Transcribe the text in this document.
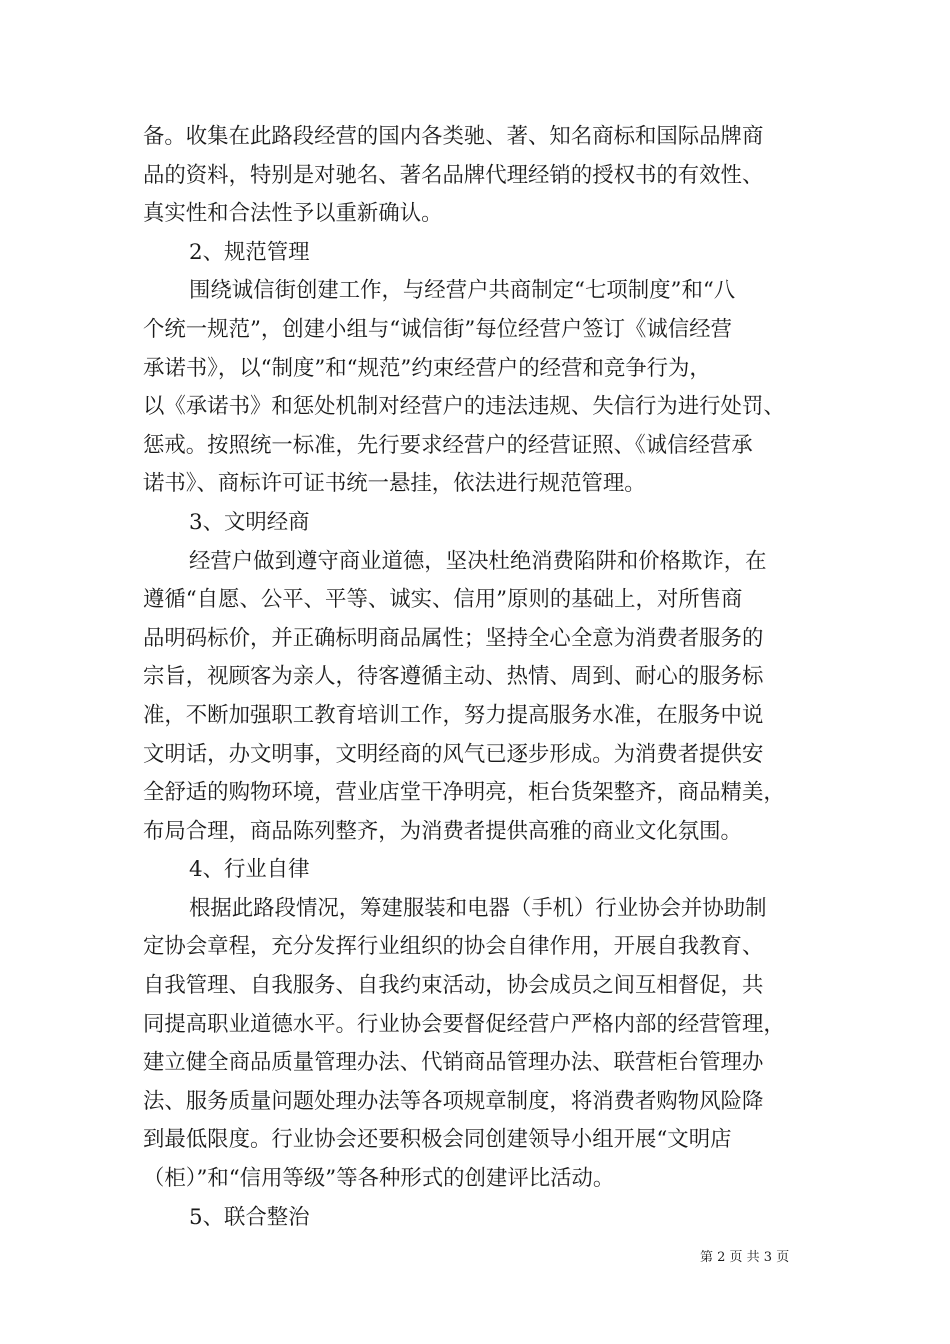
备。收集在此路段经营的国内各类驰、著、知名商标和国际品牌商
品的资料，特别是对驰名、著名品牌代理经销的授权书的有效性、
真实性和合法性予以重新确认。
2、规范管理
围绕诚信街创建工作，与经营户共商制定“七项制度”和“八
个统一规范”，创建小组与“诚信街”每位经营户签订《诚信经营
承诺书》，以“制度”和“规范”约束经营户的经营和竞争行为，
以《承诺书》和惩处机制对经营户的违法违规、失信行为进行处罚、
惩戒。按照统一标准，先行要求经营户的经营证照、《诚信经营承
诺书》、商标许可证书统一悬挂，依法进行规范管理。
3、文明经商
经营户做到遵守商业道德，坚决杜绝消费陷阱和价格欺诈，在
遵循“自愿、公平、平等、诚实、信用”原则的基础上，对所售商
品明码标价，并正确标明商品属性；坚持全心全意为消费者服务的
宗旨，视顾客为亲人，待客遵循主动、热情、周到、耐心的服务标
准，不断加强职工教育培训工作，努力提高服务水准，在服务中说
文明话，办文明事，文明经商的风气已逐步形成。为消费者提供安
全舒适的购物环境，营业店堂干净明亮，柜台货架整齐，商品精美，
布局合理，商品陈列整齐，为消费者提供高雅的商业文化氛围。
4、行业自律
根据此路段情况，筹建服装和电器（手机）行业协会并协助制
定协会章程，充分发挥行业组织的协会自律作用，开展自我教育、
自我管理、自我服务、自我约束活动，协会成员之间互相督促，共
同提高职业道德水平。行业协会要督促经营户严格内部的经营管理，
建立健全商品质量管理办法、代销商品管理办法、联营柜台管理办
法、服务质量问题处理办法等各项规章制度，将消费者购物风险降
到最低限度。行业协会还要积极会同创建领导小组开展“文明店
（柜）”和“信用等级”等各种形式的创建评比活动。
5、联合整治
第 2 页 共 3 页
